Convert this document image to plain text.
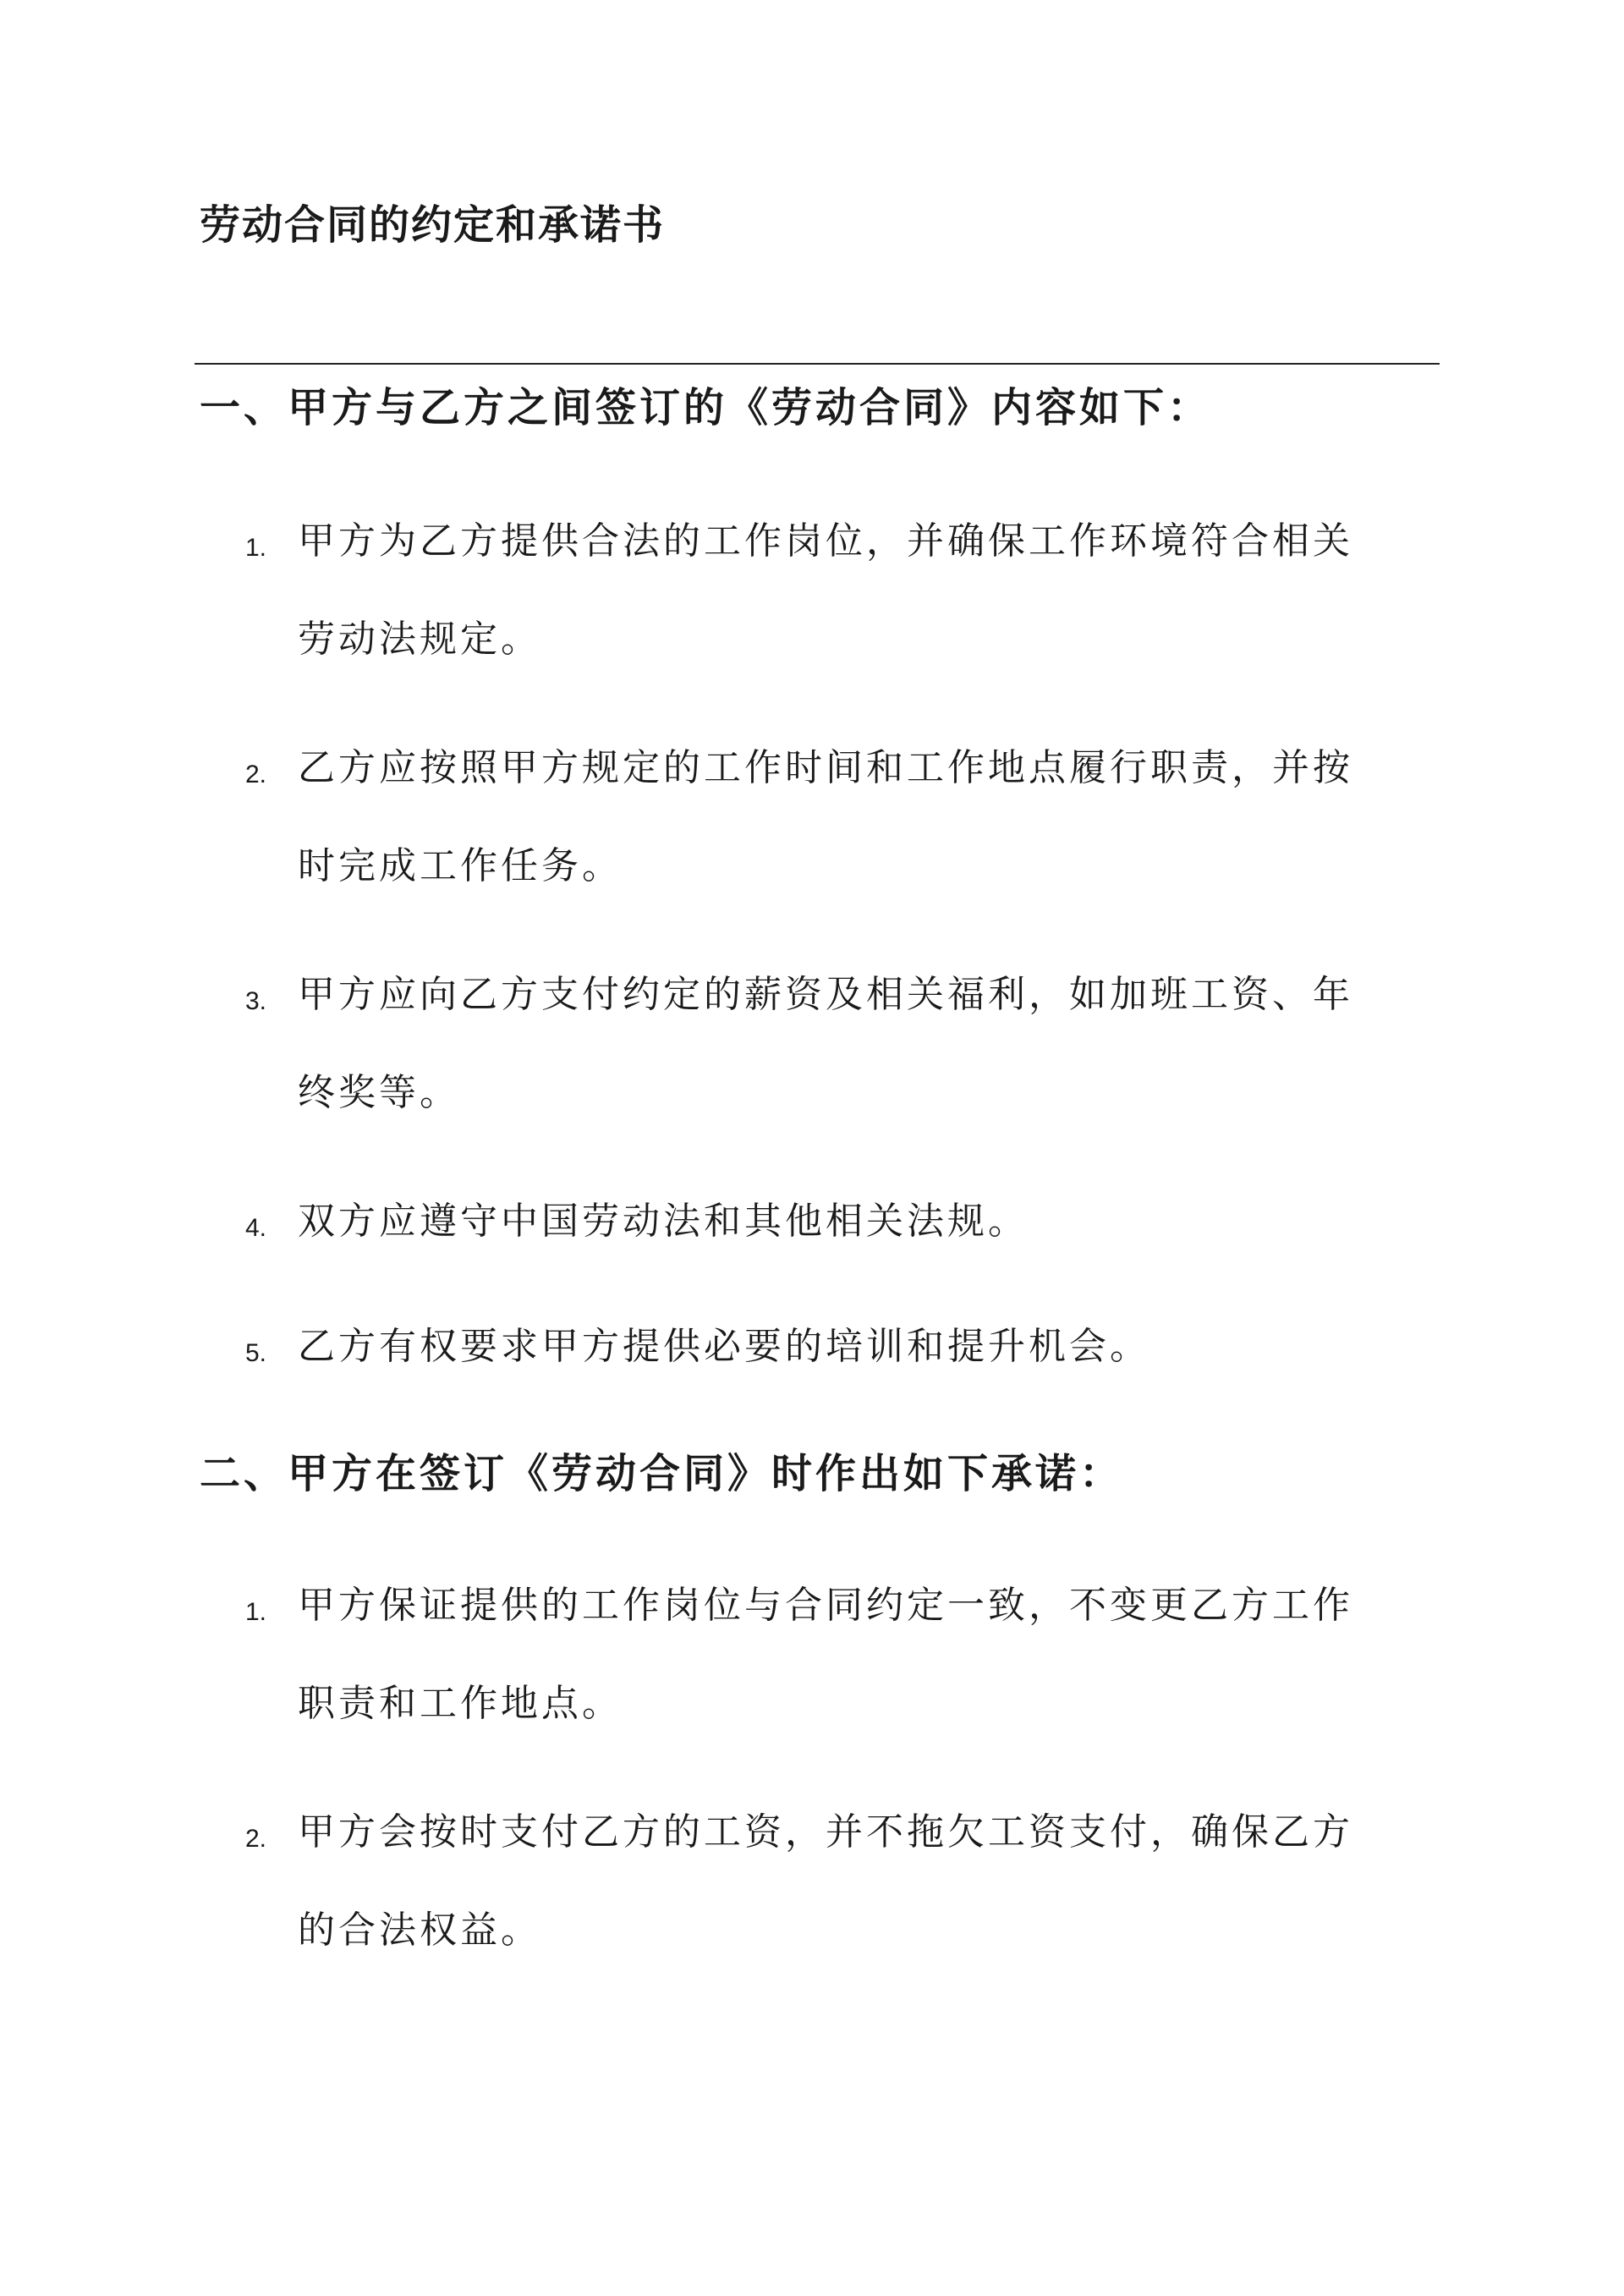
劳动合同的约定和承诺书
一、甲方与乙方之间签订的《劳动合同》内容如下：
1. 甲方为乙方提供合法的工作岗位，并确保工作环境符合相关

劳动法规定。

2. 乙方应按照甲方规定的工作时间和工作地点履行职责，并按

时完成工作任务。

3. 甲方应向乙方支付约定的薪资及相关福利，如加班工资、年

终奖等。

4. 双方应遵守中国劳动法和其他相关法规。

5. 乙方有权要求甲方提供必要的培训和提升机会。

二、甲方在签订《劳动合同》时作出如下承诺：
1. 甲方保证提供的工作岗位与合同约定一致，不变更乙方工作

职责和工作地点。

2. 甲方会按时支付乙方的工资，并不拖欠工资支付，确保乙方

的合法权益。
